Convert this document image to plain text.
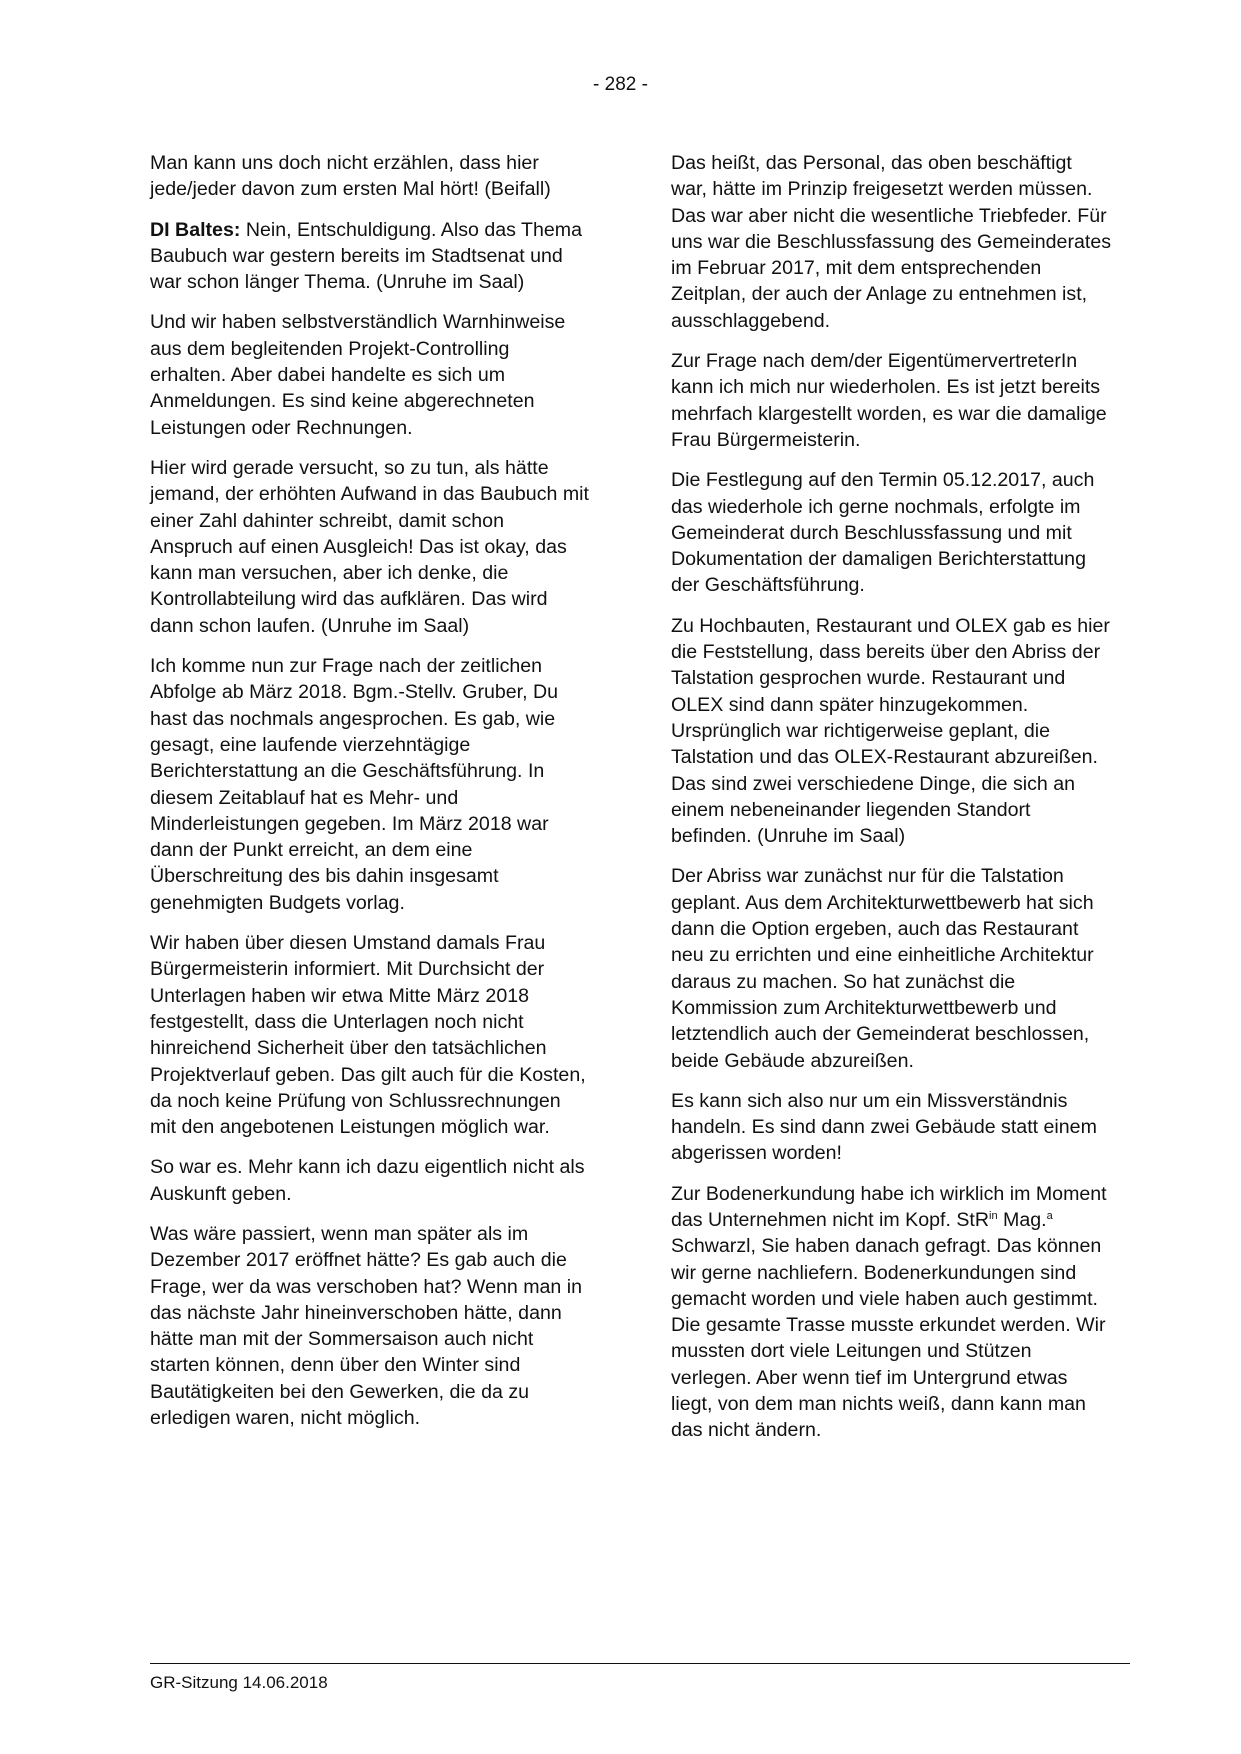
- 282 -

Man kann uns doch nicht erzählen, dass hier jede/jeder davon zum ersten Mal hört! (Beifall)

DI Baltes: Nein, Entschuldigung. Also das Thema Baubuch war gestern bereits im Stadtsenat und war schon länger Thema. (Unruhe im Saal)

Und wir haben selbstverständlich Warnhinweise aus dem begleitenden Projekt-Controlling erhalten. Aber dabei handelte es sich um Anmeldungen. Es sind keine abgerechneten Leistungen oder Rechnungen.

Hier wird gerade versucht, so zu tun, als hätte jemand, der erhöhten Aufwand in das Baubuch mit einer Zahl dahinter schreibt, damit schon Anspruch auf einen Ausgleich! Das ist okay, das kann man versuchen, aber ich denke, die Kontrollabteilung wird das aufklären. Das wird dann schon laufen. (Unruhe im Saal)

Ich komme nun zur Frage nach der zeitlichen Abfolge ab März 2018. Bgm.-Stellv. Gruber, Du hast das nochmals angesprochen. Es gab, wie gesagt, eine laufende vierzehntägige Berichterstattung an die Geschäftsführung. In diesem Zeitablauf hat es Mehr- und Minderleistungen gegeben. Im März 2018 war dann der Punkt erreicht, an dem eine Überschreitung des bis dahin insgesamt genehmigten Budgets vorlag.

Wir haben über diesen Umstand damals Frau Bürgermeisterin informiert. Mit Durchsicht der Unterlagen haben wir etwa Mitte März 2018 festgestellt, dass die Unterlagen noch nicht hinreichend Sicherheit über den tatsächlichen Projektverlauf geben. Das gilt auch für die Kosten, da noch keine Prüfung von Schlussrechnungen mit den angebotenen Leistungen möglich war.

So war es. Mehr kann ich dazu eigentlich nicht als Auskunft geben.

Was wäre passiert, wenn man später als im Dezember 2017 eröffnet hätte? Es gab auch die Frage, wer da was verschoben hat? Wenn man in das nächste Jahr hineinverschoben hätte, dann hätte man mit der Sommersaison auch nicht starten können, denn über den Winter sind Bautätigkeiten bei den Gewerken, die da zu erledigen waren, nicht möglich.

Das heißt, das Personal, das oben beschäftigt war, hätte im Prinzip freigesetzt werden müssen. Das war aber nicht die wesentliche Triebfeder. Für uns war die Beschlussfassung des Gemeinderates im Februar 2017, mit dem entsprechenden Zeitplan, der auch der Anlage zu entnehmen ist, ausschlaggebend.

Zur Frage nach dem/der EigentümervertreterIn kann ich mich nur wiederholen. Es ist jetzt bereits mehrfach klargestellt worden, es war die damalige Frau Bürgermeisterin.

Die Festlegung auf den Termin 05.12.2017, auch das wiederhole ich gerne nochmals, erfolgte im Gemeinderat durch Beschlussfassung und mit Dokumentation der damaligen Berichterstattung der Geschäftsführung.

Zu Hochbauten, Restaurant und OLEX gab es hier die Feststellung, dass bereits über den Abriss der Talstation gesprochen wurde. Restaurant und OLEX sind dann später hinzugekommen. Ursprünglich war richtigerweise geplant, die Talstation und das OLEX-Restaurant abzureißen. Das sind zwei verschiedene Dinge, die sich an einem nebeneinander liegenden Standort befinden. (Unruhe im Saal)

Der Abriss war zunächst nur für die Talstation geplant. Aus dem Architekturwettbewerb hat sich dann die Option ergeben, auch das Restaurant neu zu errichten und eine einheitliche Architektur daraus zu machen. So hat zunächst die Kommission zum Architekturwettbewerb und letztendlich auch der Gemeinderat beschlossen, beide Gebäude abzureißen.

Es kann sich also nur um ein Missverständnis handeln. Es sind dann zwei Gebäude statt einem abgerissen worden!

Zur Bodenerkundung habe ich wirklich im Moment das Unternehmen nicht im Kopf. StR$^{in}$ Mag.$^a$ Schwarzl, Sie haben danach gefragt. Das können wir gerne nachliefern. Bodenerkundungen sind gemacht worden und viele haben auch gestimmt. Die gesamte Trasse musste erkundet werden. Wir mussten dort viele Leitungen und Stützen verlegen. Aber wenn tief im Untergrund etwas liegt, von dem man nichts weiß, dann kann man das nicht ändern.

GR-Sitzung 14.06.2018
